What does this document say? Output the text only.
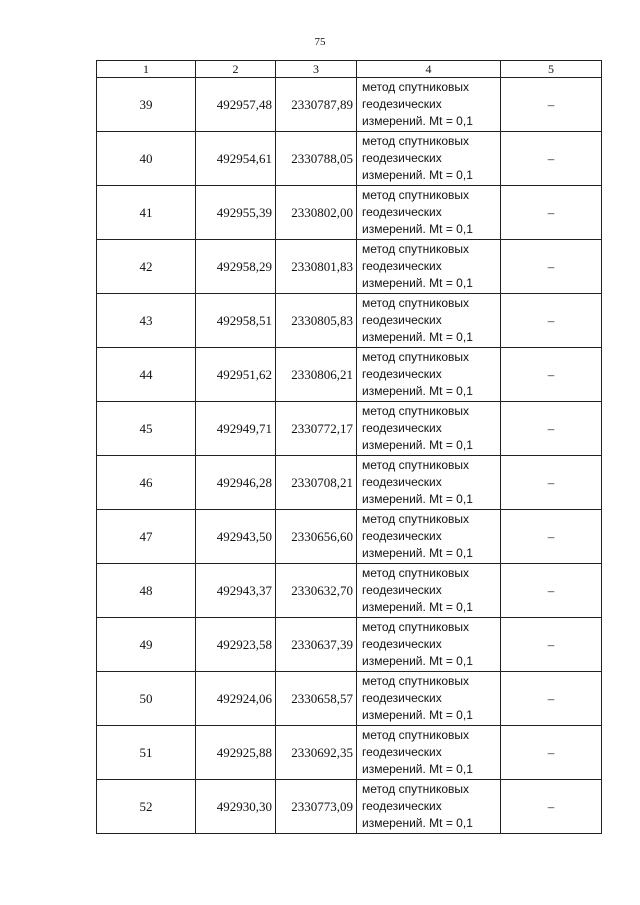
75
1	2	3	4	5
39	492957,48	2330787,89	метод спутниковых
геодезических
измерений. Mt = 0,1	–
40	492954,61	2330788,05	метод спутниковых
геодезических
измерений. Mt = 0,1	–
41	492955,39	2330802,00	метод спутниковых
геодезических
измерений. Mt = 0,1	–
42	492958,29	2330801,83	метод спутниковых
геодезических
измерений. Mt = 0,1	–
43	492958,51	2330805,83	метод спутниковых
геодезических
измерений. Mt = 0,1	–
44	492951,62	2330806,21	метод спутниковых
геодезических
измерений. Mt = 0,1	–
45	492949,71	2330772,17	метод спутниковых
геодезических
измерений. Mt = 0,1	–
46	492946,28	2330708,21	метод спутниковых
геодезических
измерений. Mt = 0,1	–
47	492943,50	2330656,60	метод спутниковых
геодезических
измерений. Mt = 0,1	–
48	492943,37	2330632,70	метод спутниковых
геодезических
измерений. Mt = 0,1	–
49	492923,58	2330637,39	метод спутниковых
геодезических
измерений. Mt = 0,1	–
50	492924,06	2330658,57	метод спутниковых
геодезических
измерений. Mt = 0,1	–
51	492925,88	2330692,35	метод спутниковых
геодезических
измерений. Mt = 0,1	–
52	492930,30	2330773,09	метод спутниковых
геодезических
измерений. Mt = 0,1	–
